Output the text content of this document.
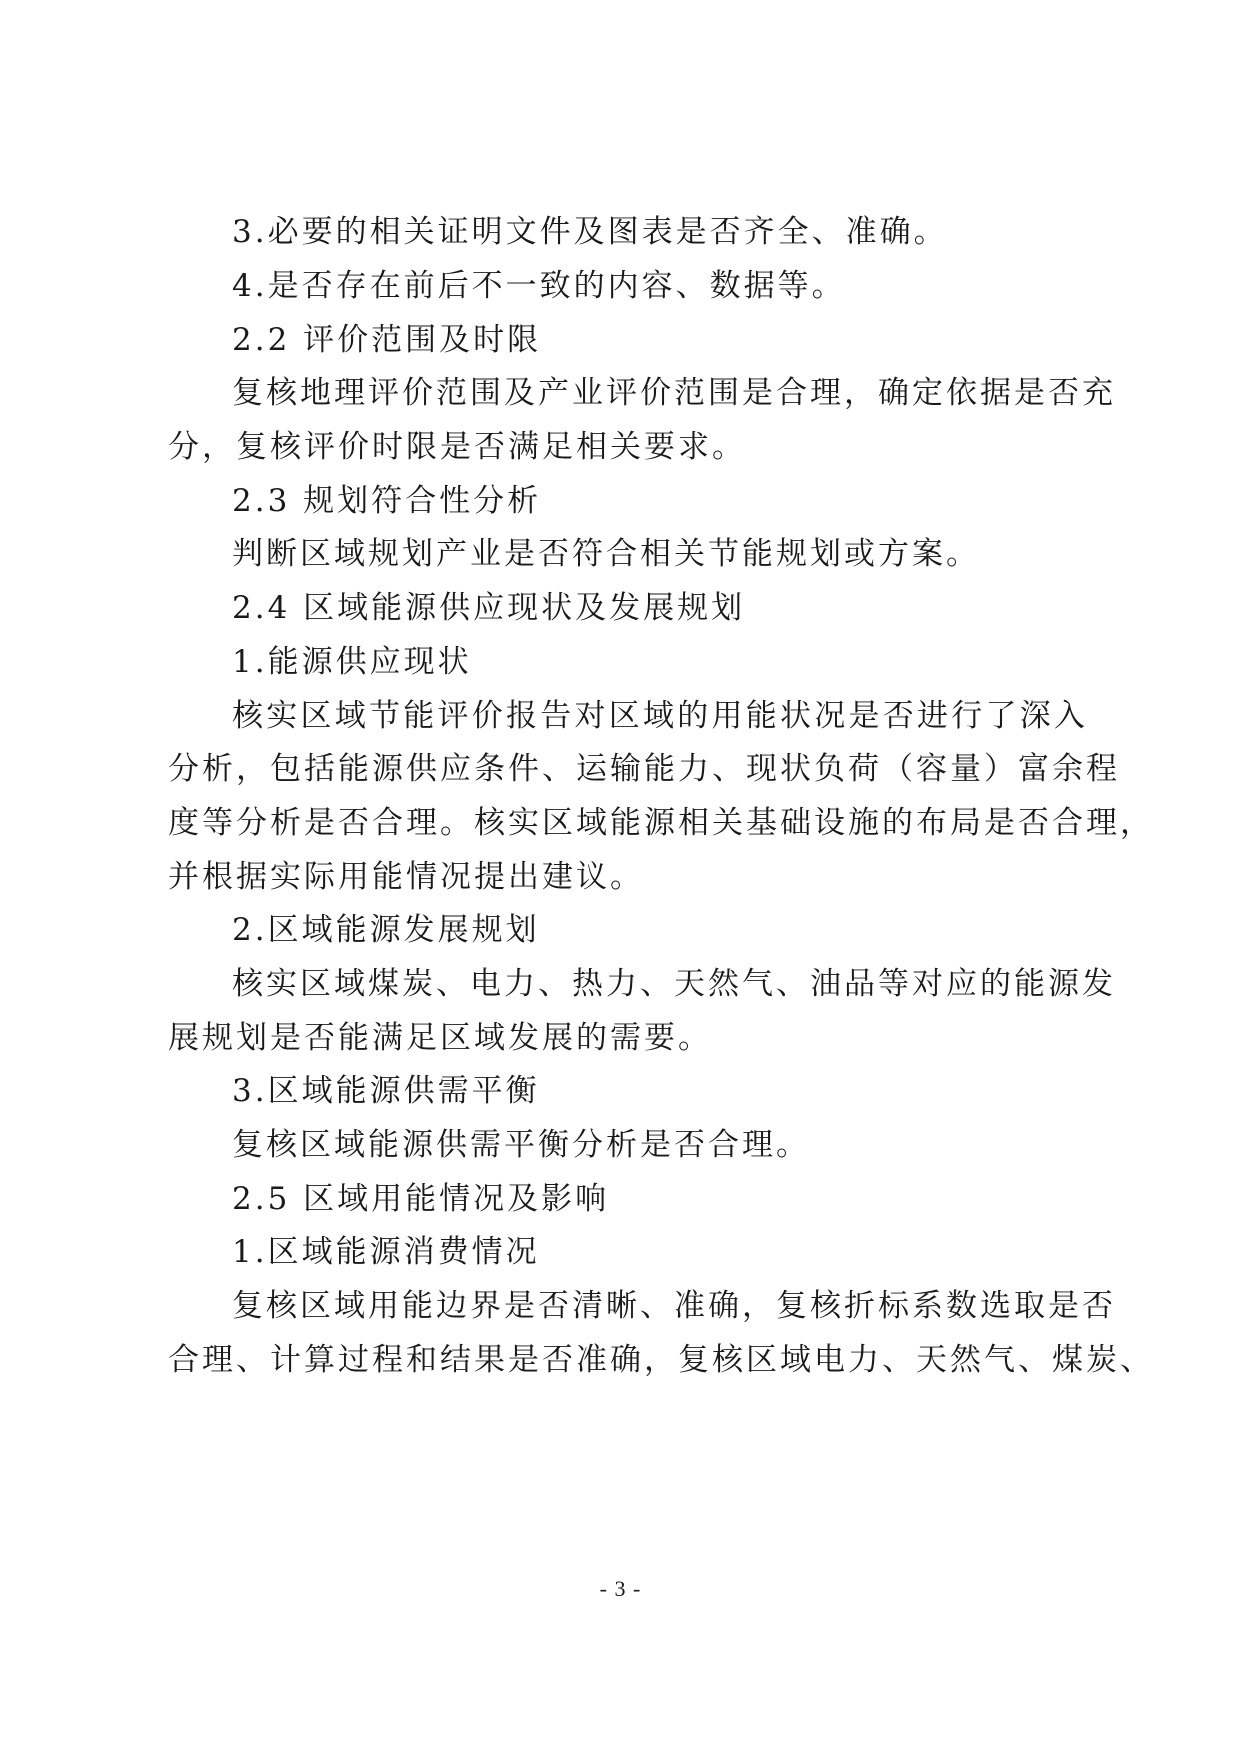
3.必要的相关证明文件及图表是否齐全、准确。
4.是否存在前后不一致的内容、数据等。
2.2 评价范围及时限
复核地理评价范围及产业评价范围是合理，确定依据是否充
分，复核评价时限是否满足相关要求。
2.3 规划符合性分析
判断区域规划产业是否符合相关节能规划或方案。
2.4 区域能源供应现状及发展规划
1.能源供应现状
核实区域节能评价报告对区域的用能状况是否进行了深入
分析，包括能源供应条件、运输能力、现状负荷（容量）富余程
度等分析是否合理。核实区域能源相关基础设施的布局是否合理，
并根据实际用能情况提出建议。
2.区域能源发展规划
核实区域煤炭、电力、热力、天然气、油品等对应的能源发
展规划是否能满足区域发展的需要。
3.区域能源供需平衡
复核区域能源供需平衡分析是否合理。
2.5 区域用能情况及影响
1.区域能源消费情况
复核区域用能边界是否清晰、准确，复核折标系数选取是否
合理、计算过程和结果是否准确，复核区域电力、天然气、煤炭、
- 3 -
